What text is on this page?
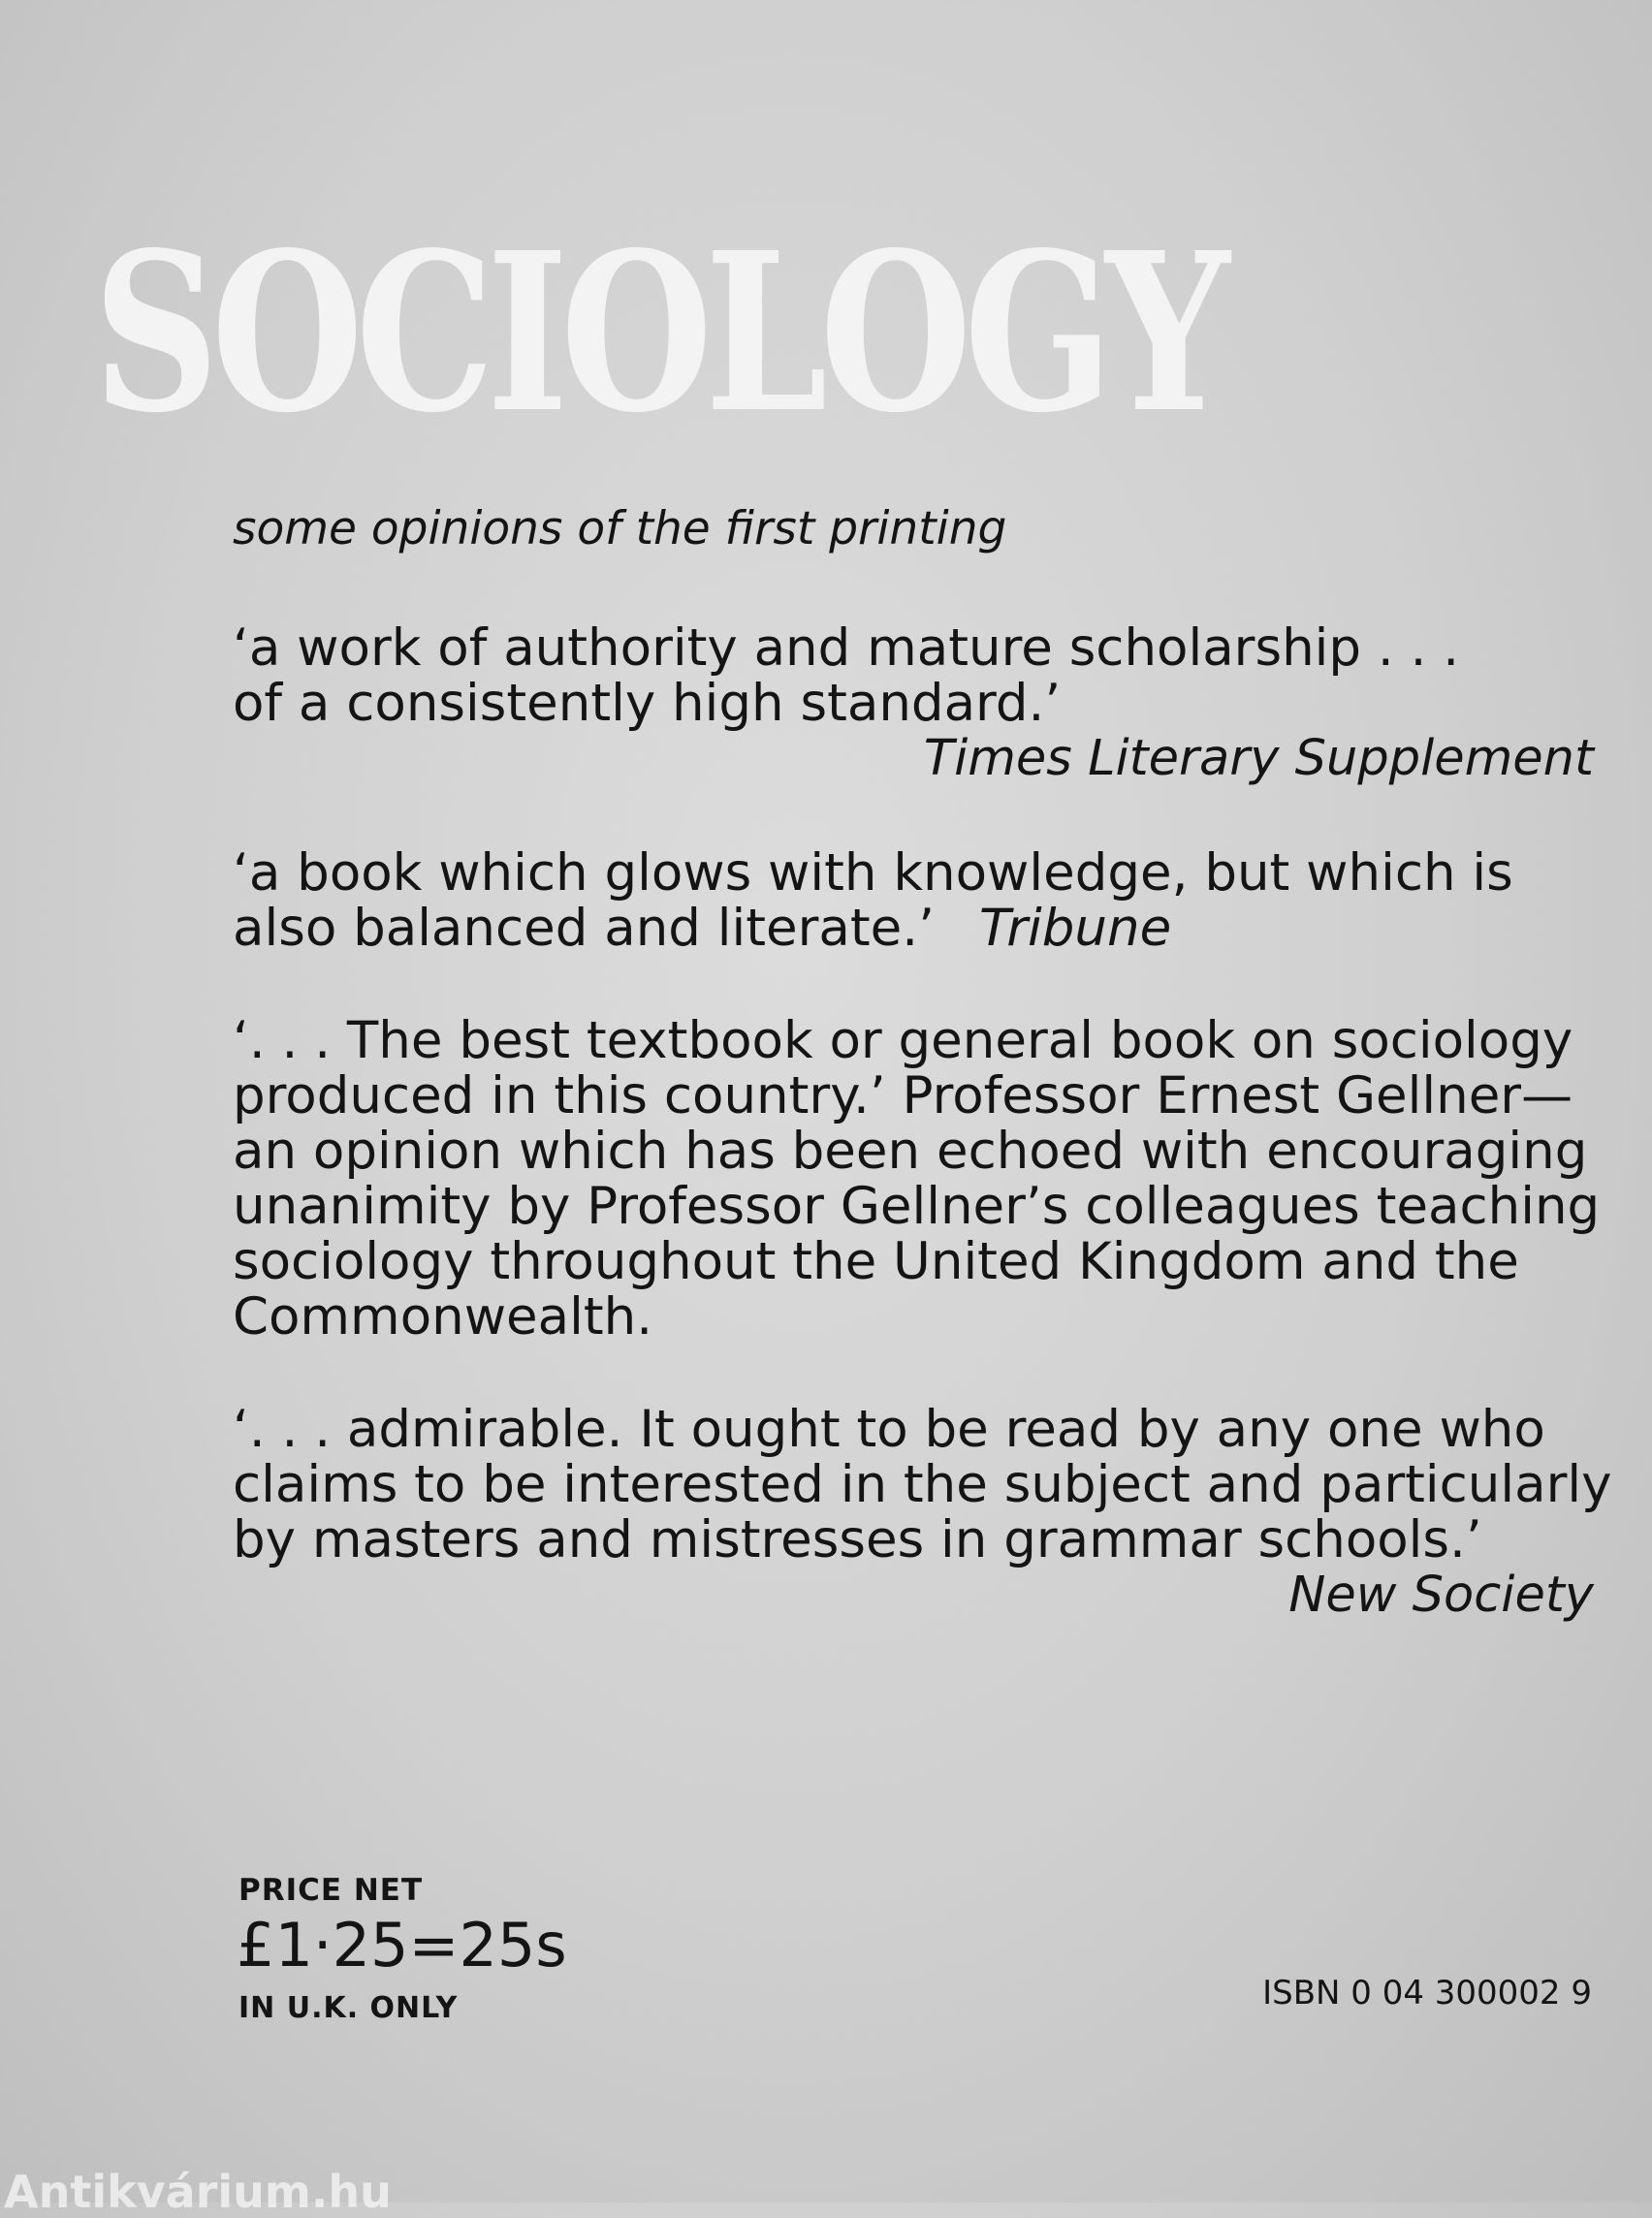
SOCIOLOGY
some opinions of the first printing
‘a work of authority and mature scholarship . . .
of a consistently high standard.’
Times Literary Supplement
‘a book which glows with knowledge, but which is
also balanced and literate.’ Tribune
‘. . . The best textbook or general book on sociology
produced in this country.’ Professor Ernest Gellner—
an opinion which has been echoed with encouraging
unanimity by Professor Gellner’s colleagues teaching
sociology throughout the United Kingdom and the
Commonwealth.
‘. . . admirable. It ought to be read by any one who
claims to be interested in the subject and particularly
by masters and mistresses in grammar schools.’
New Society
PRICE NET
£1·25=25s
IN U.K. ONLY	ISBN 0 04 300002 9
Antikvárium.hu
